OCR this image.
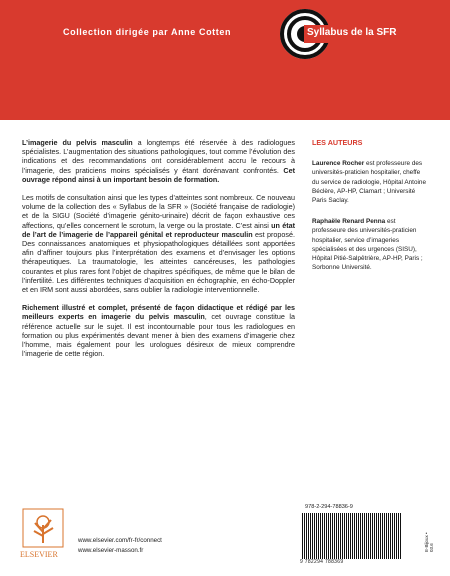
Collection dirigée par Anne Cotten	Syllabus de la SFR

L’imagerie du pelvis masculin a longtemps été réservée à des radiologues spécialistes. L’augmentation des situations pathologiques, tout comme l’évolution des indications et des recommandations ont considérablement accru le recours à l’imagerie, des praticiens moins spécialisés y étant dorénavant confrontés. Cet ouvrage répond ainsi à un important besoin de formation.

Les motifs de consultation ainsi que les types d’atteintes sont nombreux. Ce nouveau volume de la collection des « Syllabus de la SFR » (Société française de radiologie) et de la SIGU (Société d’imagerie génito-urinaire) décrit de façon exhaustive ces affections, qu’elles concernent le scrotum, la verge ou la prostate. C’est ainsi un état de l’art de l’imagerie de l’appareil génital et reproducteur masculin est proposé. Des connaissances anatomiques et physiopathologiques détaillées sont apportées afin d’affiner toujours plus l’interprétation des examens et d’envisager les options thérapeutiques. La traumatologie, les atteintes cancéreuses, les pathologies courantes et plus rares font l’objet de chapitres spécifiques, de même que le bilan de l’infertilité. Les différentes techniques d’acquisition en échographie, en écho-Doppler et en IRM sont aussi abordées, sans oublier la radiologie interventionnelle.

Richement illustré et complet, présenté de façon didactique et rédigé par les meilleurs experts en imagerie du pelvis masculin, cet ouvrage constitue la référence actuelle sur le sujet. Il est incontournable pour tous les radiologues en formation ou plus expérimentés devant mener à bien des examens d’imagerie chez l’homme, mais également pour les urologues désireux de mieux comprendre l’imagerie de cette région.

LES AUTEURS

Laurence Rocher est professeure des universités-praticien hospitalier, cheffe du service de radiologie, Hôpital Antoine Béclère, AP-HP, Clamart ; Université Paris Saclay.

Raphaële Renard Penna est professeure des universités-praticien hospitalier, service d’imageries spécialisées et des urgences (SISU), Hôpital Pitié-Salpêtrière, AP-HP, Paris ; Sorbonne Université.

ELSEVIER
www.elsevier.com/fr-fr/connect
www.elsevier-masson.fr
978-2-294-78836-9
9 782294 788369
E-Bijoux • 03.6
